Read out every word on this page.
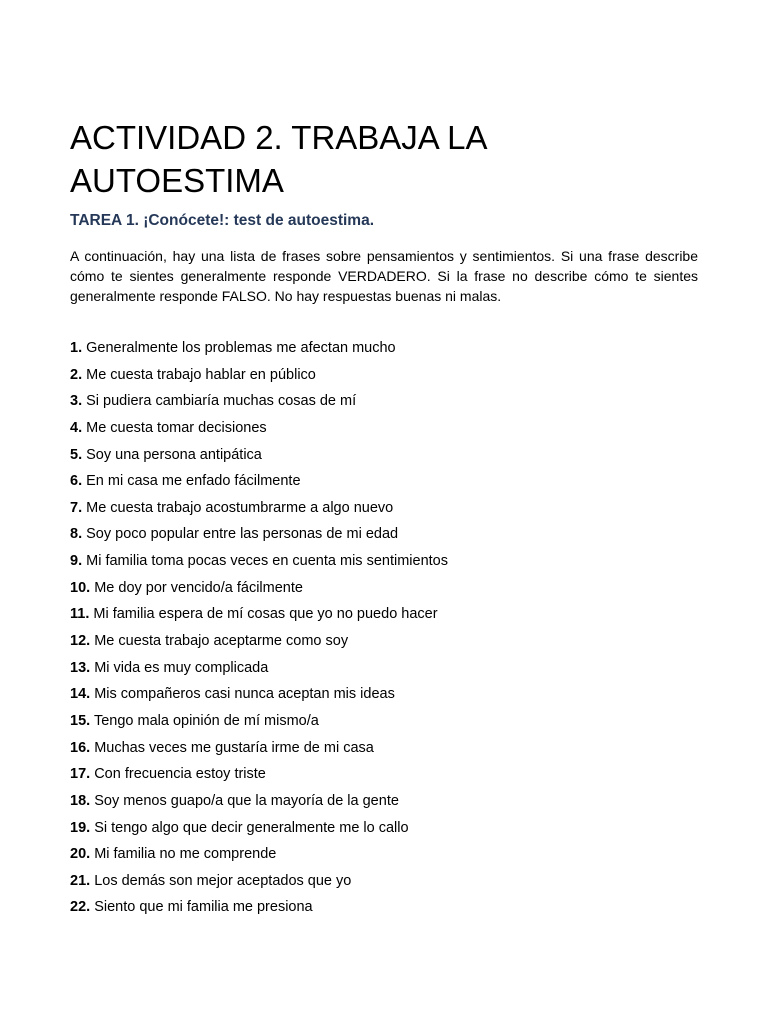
ACTIVIDAD 2. TRABAJA LA AUTOESTIMA
TAREA 1. ¡Conócete!: test de autoestima.

A continuación, hay una lista de frases sobre pensamientos y sentimientos. Si una frase describe cómo te sientes generalmente responde VERDADERO. Si la frase no describe cómo te sientes generalmente responde FALSO. No hay respuestas buenas ni malas.

1. Generalmente los problemas me afectan mucho
2. Me cuesta trabajo hablar en público
3. Si pudiera cambiaría muchas cosas de mí
4. Me cuesta tomar decisiones
5. Soy una persona antipática
6. En mi casa me enfado fácilmente
7. Me cuesta trabajo acostumbrarme a algo nuevo
8. Soy poco popular entre las personas de mi edad
9. Mi familia toma pocas veces en cuenta mis sentimientos
10. Me doy por vencido/a fácilmente
11. Mi familia espera de mí cosas que yo no puedo hacer
12. Me cuesta trabajo aceptarme como soy
13. Mi vida es muy complicada
14. Mis compañeros casi nunca aceptan mis ideas
15. Tengo mala opinión de mí mismo/a
16. Muchas veces me gustaría irme de mi casa
17. Con frecuencia estoy triste
18. Soy menos guapo/a que la mayoría de la gente
19. Si tengo algo que decir generalmente me lo callo
20. Mi familia no me comprende
21. Los demás son mejor aceptados que yo
22. Siento que mi familia me presiona
